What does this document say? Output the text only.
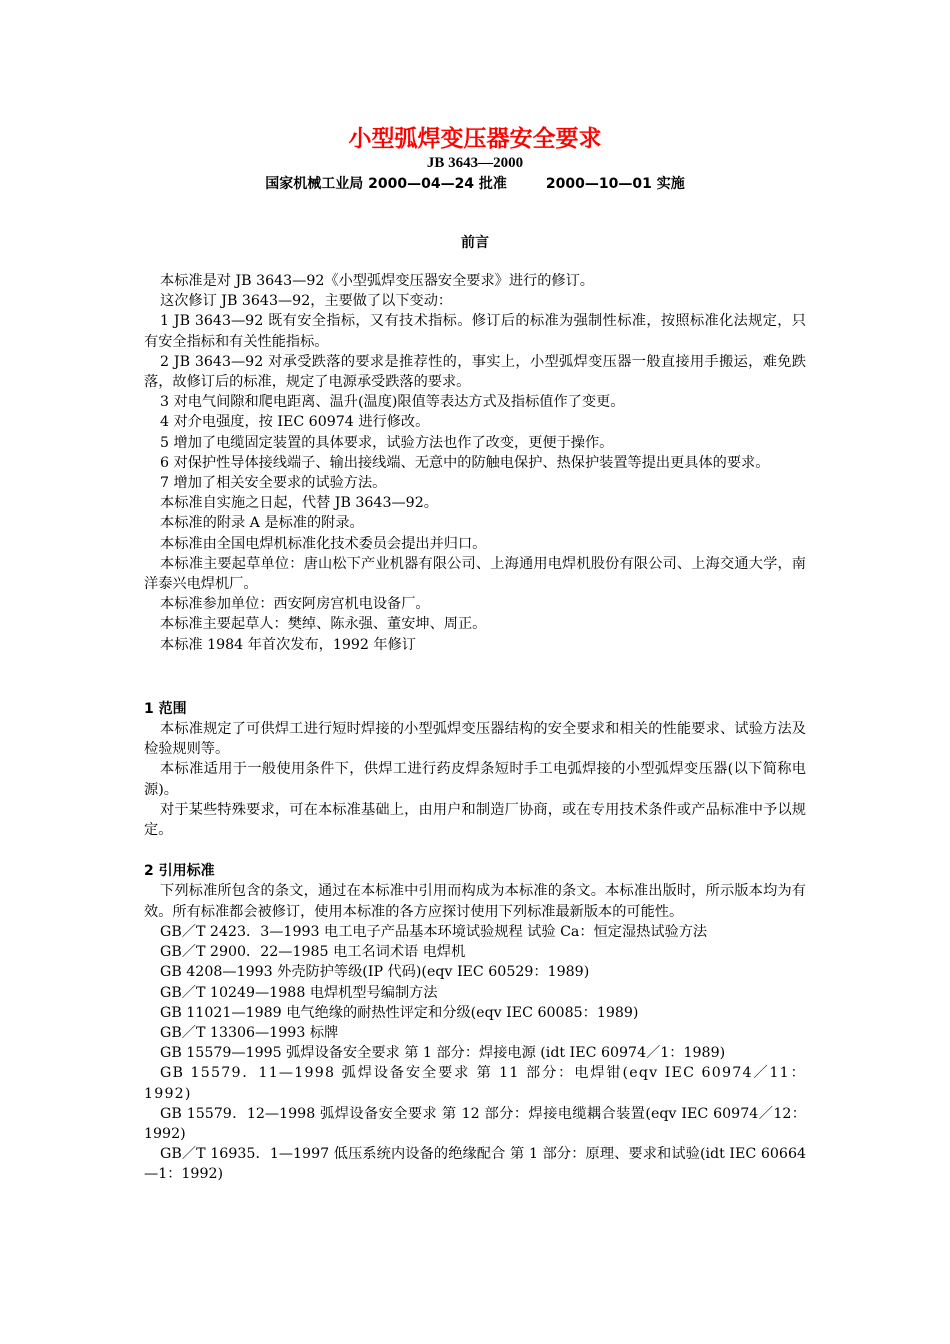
小型弧焊变压器安全要求
JB 3643—2000
国家机械工业局 2000—04—24 批准        2000—10—01 实施
前言

本标准是对 JB 3643—92《小型弧焊变压器安全要求》进行的修订。

这次修订 JB 3643—92，主要做了以下变动：

1 JB 3643—92 既有安全指标，又有技术指标。修订后的标准为强制性标准，按照标准化法规定，只有安全指标和有关性能指标。

2 JB 3643—92 对承受跌落的要求是推荐性的，事实上，小型弧焊变压器一般直接用手搬运，难免跌落，故修订后的标准，规定了电源承受跌落的要求。

3 对电气间隙和爬电距离、温升(温度)限值等表达方式及指标值作了变更。

4 对介电强度，按 IEC 60974 进行修改。

5 增加了电缆固定装置的具体要求，试验方法也作了改变，更便于操作。

6 对保护性导体接线端子、输出接线端、无意中的防触电保护、热保护装置等提出更具体的要求。

7 增加了相关安全要求的试验方法。

本标准自实施之日起，代替 JB 3643—92。

本标准的附录 A 是标准的附录。

本标准由全国电焊机标准化技术委员会提出并归口。

本标准主要起草单位：唐山松下产业机器有限公司、上海通用电焊机股份有限公司、上海交通大学，南洋泰兴电焊机厂。

本标准参加单位：西安阿房宫机电设备厂。

本标准主要起草人：樊绰、陈永强、董安坤、周正。

本标准 1984 年首次发布，1992 年修订

1 范围

本标准规定了可供焊工进行短时焊接的小型弧焊变压器结构的安全要求和相关的性能要求、试验方法及检验规则等。

本标准适用于一般使用条件下，供焊工进行药皮焊条短时手工电弧焊接的小型弧焊变压器(以下简称电源)。

对于某些特殊要求，可在本标准基础上，由用户和制造厂协商，或在专用技术条件或产品标准中予以规定。

2 引用标准

下列标准所包含的条文，通过在本标准中引用而构成为本标准的条文。本标准出版时，所示版本均为有效。所有标准都会被修订，使用本标准的各方应探讨使用下列标准最新版本的可能性。

GB／T 2423．3—1993 电工电子产品基本环境试验规程 试验 Ca：恒定湿热试验方法

GB／T 2900．22—1985 电工名词术语 电焊机

GB 4208—1993 外壳防护等级(IP 代码)(eqv IEC 60529：1989)

GB／T 10249—1988 电焊机型号编制方法

GB 11021—1989 电气绝缘的耐热性评定和分级(eqv IEC 60085：1989)

GB／T 13306—1993 标牌

GB 15579—1995 弧焊设备安全要求 第 1 部分：焊接电源 (idt IEC 60974／1：1989)

GB 15579．11—1998 弧焊设备安全要求 第 11 部分：电焊钳(eqv IEC 60974／11：1992)

GB 15579．12—1998 弧焊设备安全要求 第 12 部分：焊接电缆耦合装置(eqv IEC 60974／12：1992)

GB／T 16935．1—1997 低压系统内设备的绝缘配合 第 1 部分：原理、要求和试验(idt IEC 60664—1：1992)
